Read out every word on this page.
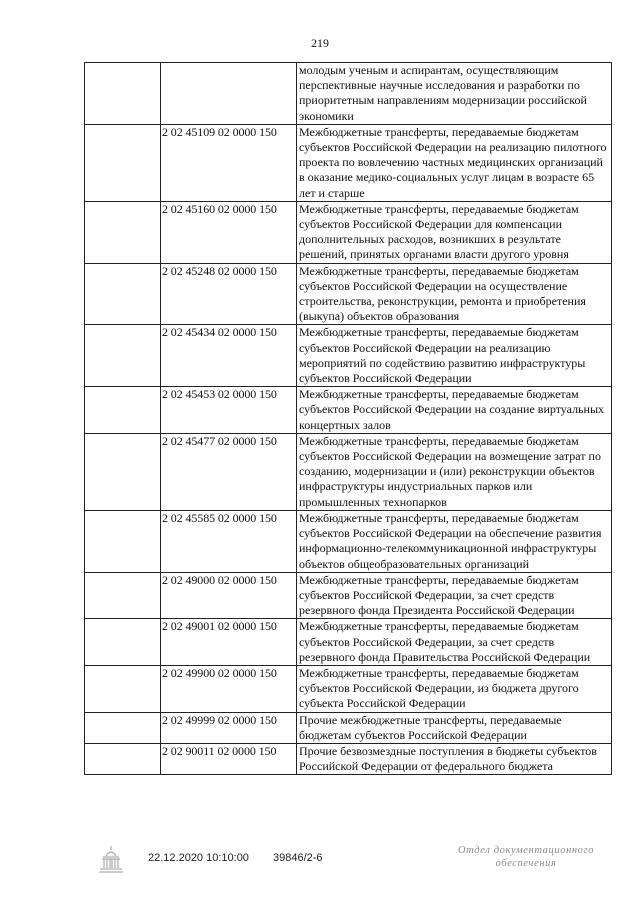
219
		молодым ученым и аспирантам, осуществляющим перспективные научные исследования и разработки по приоритетным направлениям модернизации российской экономики
	2 02 45109 02 0000 150	Межбюджетные трансферты, передаваемые бюджетам субъектов Российской Федерации на реализацию пилотного проекта по вовлечению частных медицинских организаций в оказание медико-социальных услуг лицам в возрасте 65 лет и старше
	2 02 45160 02 0000 150	Межбюджетные трансферты, передаваемые бюджетам субъектов Российской Федерации для компенсации дополнительных расходов, возникших в результате решений, принятых органами власти другого уровня
	2 02 45248 02 0000 150	Межбюджетные трансферты, передаваемые бюджетам субъектов Российской Федерации на осуществление строительства, реконструкции, ремонта и приобретения (выкупа) объектов образования
	2 02 45434 02 0000 150	Межбюджетные трансферты, передаваемые бюджетам субъектов Российской Федерации на реализацию мероприятий по содействию развитию инфраструктуры субъектов Российской Федерации
	2 02 45453 02 0000 150	Межбюджетные трансферты, передаваемые бюджетам субъектов Российской Федерации на создание виртуальных концертных залов
	2 02 45477 02 0000 150	Межбюджетные трансферты, передаваемые бюджетам субъектов Российской Федерации на возмещение затрат по созданию, модернизации и (или) реконструкции объектов инфраструктуры индустриальных парков или промышленных технопарков
	2 02 45585 02 0000 150	Межбюджетные трансферты, передаваемые бюджетам субъектов Российской Федерации на обеспечение развития информационно-телекоммуникационной инфраструктуры объектов общеобразовательных организаций
	2 02 49000 02 0000 150	Межбюджетные трансферты, передаваемые бюджетам субъектов Российской Федерации, за счет средств резервного фонда Президента Российской Федерации
	2 02 49001 02 0000 150	Межбюджетные трансферты, передаваемые бюджетам субъектов Российской Федерации, за счет средств резервного фонда Правительства Российской Федерации
	2 02 49900 02 0000 150	Межбюджетные трансферты, передаваемые бюджетам субъектов Российской Федерации, из бюджета другого субъекта Российской Федерации
	2 02 49999 02 0000 150	Прочие межбюджетные трансферты, передаваемые бюджетам субъектов Российской Федерации
	2 02 90011 02 0000 150	Прочие безвозмездные поступления в бюджеты субъектов Российской Федерации от федерального бюджета
22.12.2020 10:10:00 39846/2-6
Отдел документационного
обеспечения
